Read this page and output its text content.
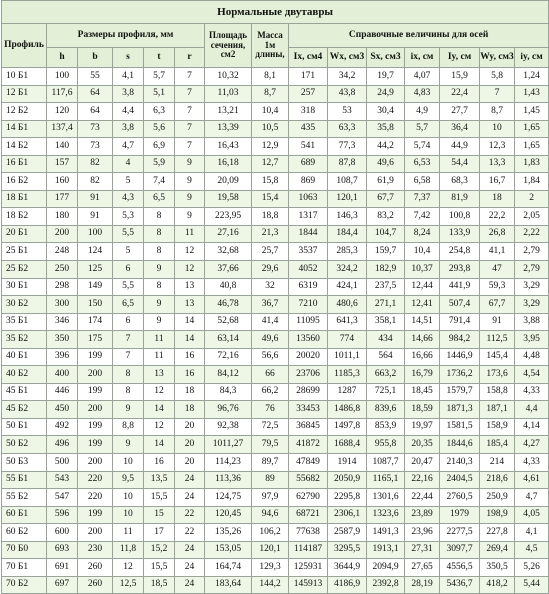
Нормальные двутавры														
Профиль	Размеры профиля, мм					Площадь сечения, см2	Масса 1м длины,	Справочные величины для осей						
	h	b	s	t	r			Ix, см4	Wx, см3	Sx, см3	ix, см	Iy, см	Wy, см3	iy, см
10 Б1	100	55	4,1	5,7	7	10,32	8,1	171	34,2	19,7	4,07	15,9	5,8	1,24
12 Б1	117,6	64	3,8	5,1	7	11,03	8,7	257	43,8	24,9	4,83	22,4	7	1,43
12 Б2	120	64	4,4	6,3	7	13,21	10,4	318	53	30,4	4,9	27,7	8,7	1,45
14 Б1	137,4	73	3,8	5,6	7	13,39	10,5	435	63,3	35,8	5,7	36,4	10	1,65
14 Б2	140	73	4,7	6,9	7	16,43	12,9	541	77,3	44,2	5,74	44,9	12,3	1,65
16 Б1	157	82	4	5,9	9	16,18	12,7	689	87,8	49,6	6,53	54,4	13,3	1,83
16 Б2	160	82	5	7,4	9	20,09	15,8	869	108,7	61,9	6,58	68,3	16,7	1,84
18 Б1	177	91	4,3	6,5	9	19,58	15,4	1063	120,1	67,7	7,37	81,9	18	2
18 Б2	180	91	5,3	8	9	223,95	18,8	1317	146,3	83,2	7,42	100,8	22,2	2,05
20 Б1	200	100	5,5	8	11	27,16	21,3	1844	184,4	104,7	8,24	133,9	26,8	2,22
25 Б1	248	124	5	8	12	32,68	25,7	3537	285,3	159,7	10,4	254,8	41,1	2,79
25 Б2	250	125	6	9	12	37,66	29,6	4052	324,2	182,9	10,37	293,8	47	2,79
30 Б1	298	149	5,5	8	13	40,8	32	6319	424,1	237,5	12,44	441,9	59,3	3,29
30 Б2	300	150	6,5	9	13	46,78	36,7	7210	480,6	271,1	12,41	507,4	67,7	3,29
35 Б1	346	174	6	9	14	52,68	41,4	11095	641,3	358,1	14,51	791,4	91	3,88
35 Б2	350	175	7	11	14	63,14	49,6	13560	774	434	14,66	984,2	112,5	3,95
40 Б1	396	199	7	11	16	72,16	56,6	20020	1011,1	564	16,66	1446,9	145,4	4,48
40 Б2	400	200	8	13	16	84,12	66	23706	1185,3	663,2	16,79	1736,2	173,6	4,54
45 Б1	446	199	8	12	18	84,3	66,2	28699	1287	725,1	18,45	1579,7	158,8	4,33
45 Б2	450	200	9	14	18	96,76	76	33453	1486,8	839,6	18,59	1871,3	187,1	4,4
50 Б1	492	199	8,8	12	20	92,38	72,5	36845	1497,8	853,9	19,97	1581,5	158,9	4,14
50 Б2	496	199	9	14	20	1011,27	79,5	41872	1688,4	955,8	20,35	1844,6	185,4	4,27
50 Б3	500	200	10	16	20	114,23	89,7	47849	1914	1087,7	20,47	2140,3	214	4,33
55 Б1	543	220	9,5	13,5	24	113,36	89	55682	2050,9	1165,1	22,16	2404,5	218,6	4,61
55 Б2	547	220	10	15,5	24	124,75	97,9	62790	2295,8	1301,6	22,44	2760,5	250,9	4,7
60 Б1	596	199	10	15	22	120,45	94,6	68721	2306,1	1323,6	23,89	1979	198,9	4,05
60 Б2	600	200	11	17	22	135,26	106,2	77638	2587,9	1491,3	23,96	2277,5	227,8	4,1
70 Б0	693	230	11,8	15,2	24	153,05	120,1	114187	3295,5	1913,1	27,31	3097,7	269,4	4,5
70 Б1	691	260	12	15,5	24	164,74	129,3	125931	3644,9	2094,9	27,65	4556,5	350,5	5,26
70 Б2	697	260	12,5	18,5	24	183,64	144,2	145913	4186,9	2392,8	28,19	5436,7	418,2	5,44
